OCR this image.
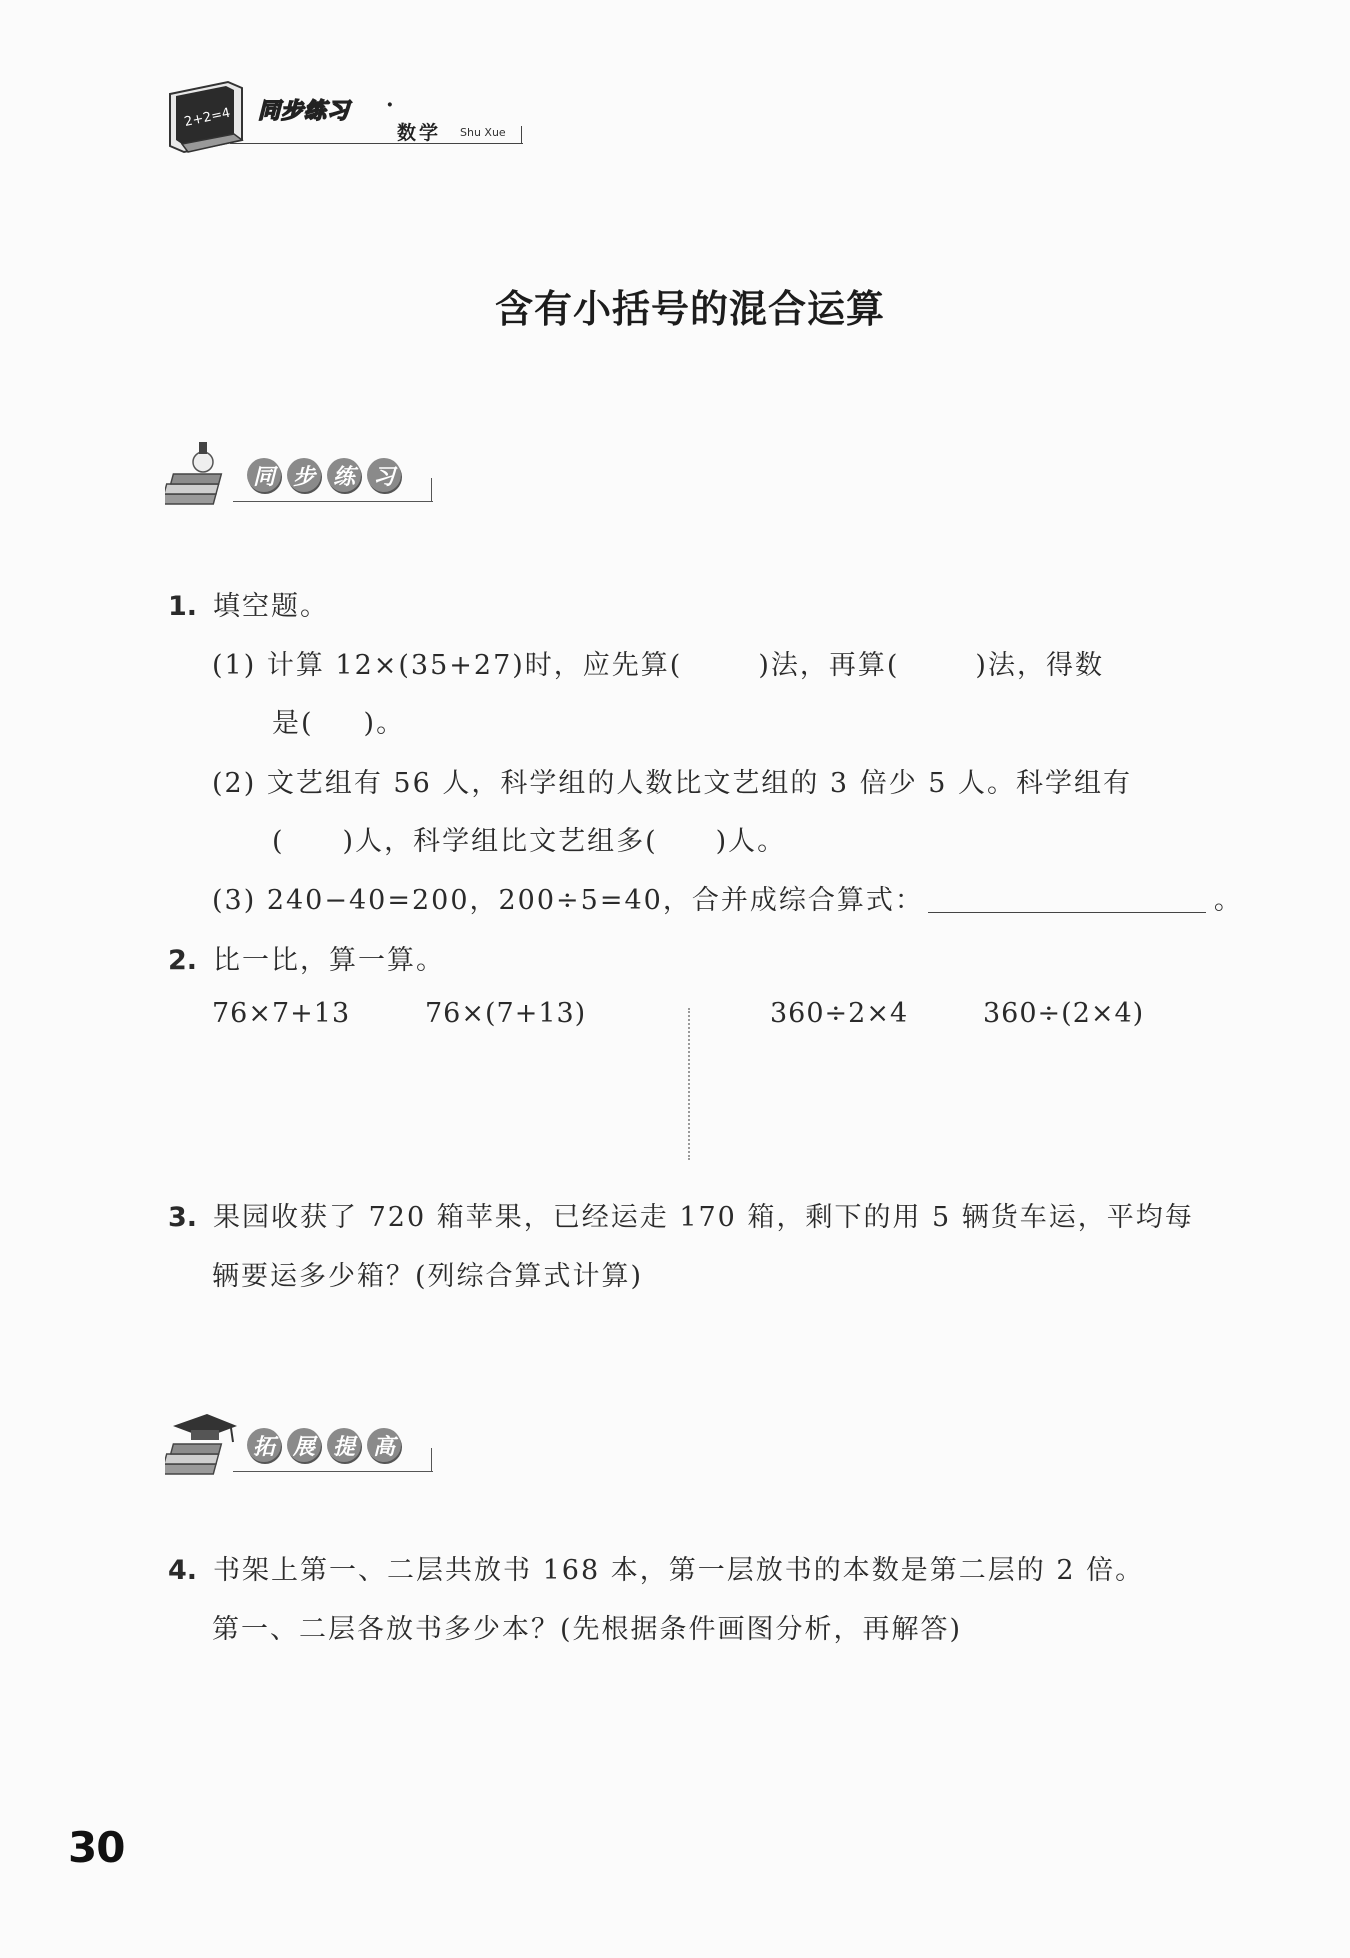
2+2=4 同步练习 ·
数学 Shu Xue
含有小括号的混合运算
同 步 练 习
1. 填空题。
(1) 计算 12×(35+27)时，应先算(	)法，再算(	)法，得数
是( )。
(2) 文艺组有 56 人，科学组的人数比文艺组的 3 倍少 5 人。科学组有
( )人，科学组比文艺组多( )人。
(3) 240−40=200，200÷5=40，合并成综合算式：	。
2. 比一比，算一算。
76×7+13	76×(7+13)	360÷2×4	360÷(2×4)
3. 果园收获了 720 箱苹果，已经运走 170 箱，剩下的用 5 辆货车运，平均每
辆要运多少箱？(列综合算式计算)
拓 展 提 高
4. 书架上第一、二层共放书 168 本，第一层放书的本数是第二层的 2 倍。
第一、二层各放书多少本？(先根据条件画图分析，再解答)
30
